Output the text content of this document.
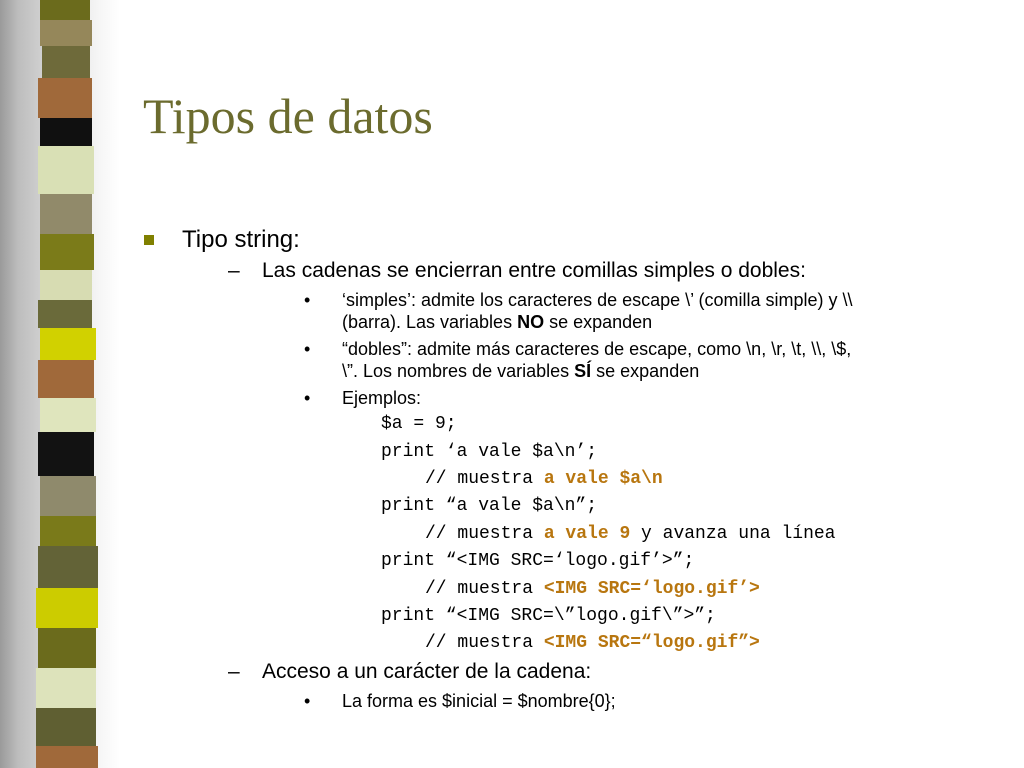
Tipos de datos
Tipo string:
– Las cadenas se encierran entre comillas simples o dobles:
• ‘simples’: admite los caracteres de escape \’ (comilla simple) y \\
(barra). Las variables NO se expanden
• “dobles”: admite más caracteres de escape, como \n, \r, \t, \\, \$,
\”. Los nombres de variables SÍ se expanden
• Ejemplos:
$a = 9;
print ‘a vale $a\n’;
// muestra a vale $a\n
print “a vale $a\n”;
// muestra a vale 9 y avanza una línea
print “<IMG SRC=‘logo.gif’>”;
// muestra <IMG SRC=‘logo.gif’>
print “<IMG SRC=\”logo.gif\”>”;
// muestra <IMG SRC=“logo.gif”>
– Acceso a un carácter de la cadena:
• La forma es $inicial = $nombre{0};
